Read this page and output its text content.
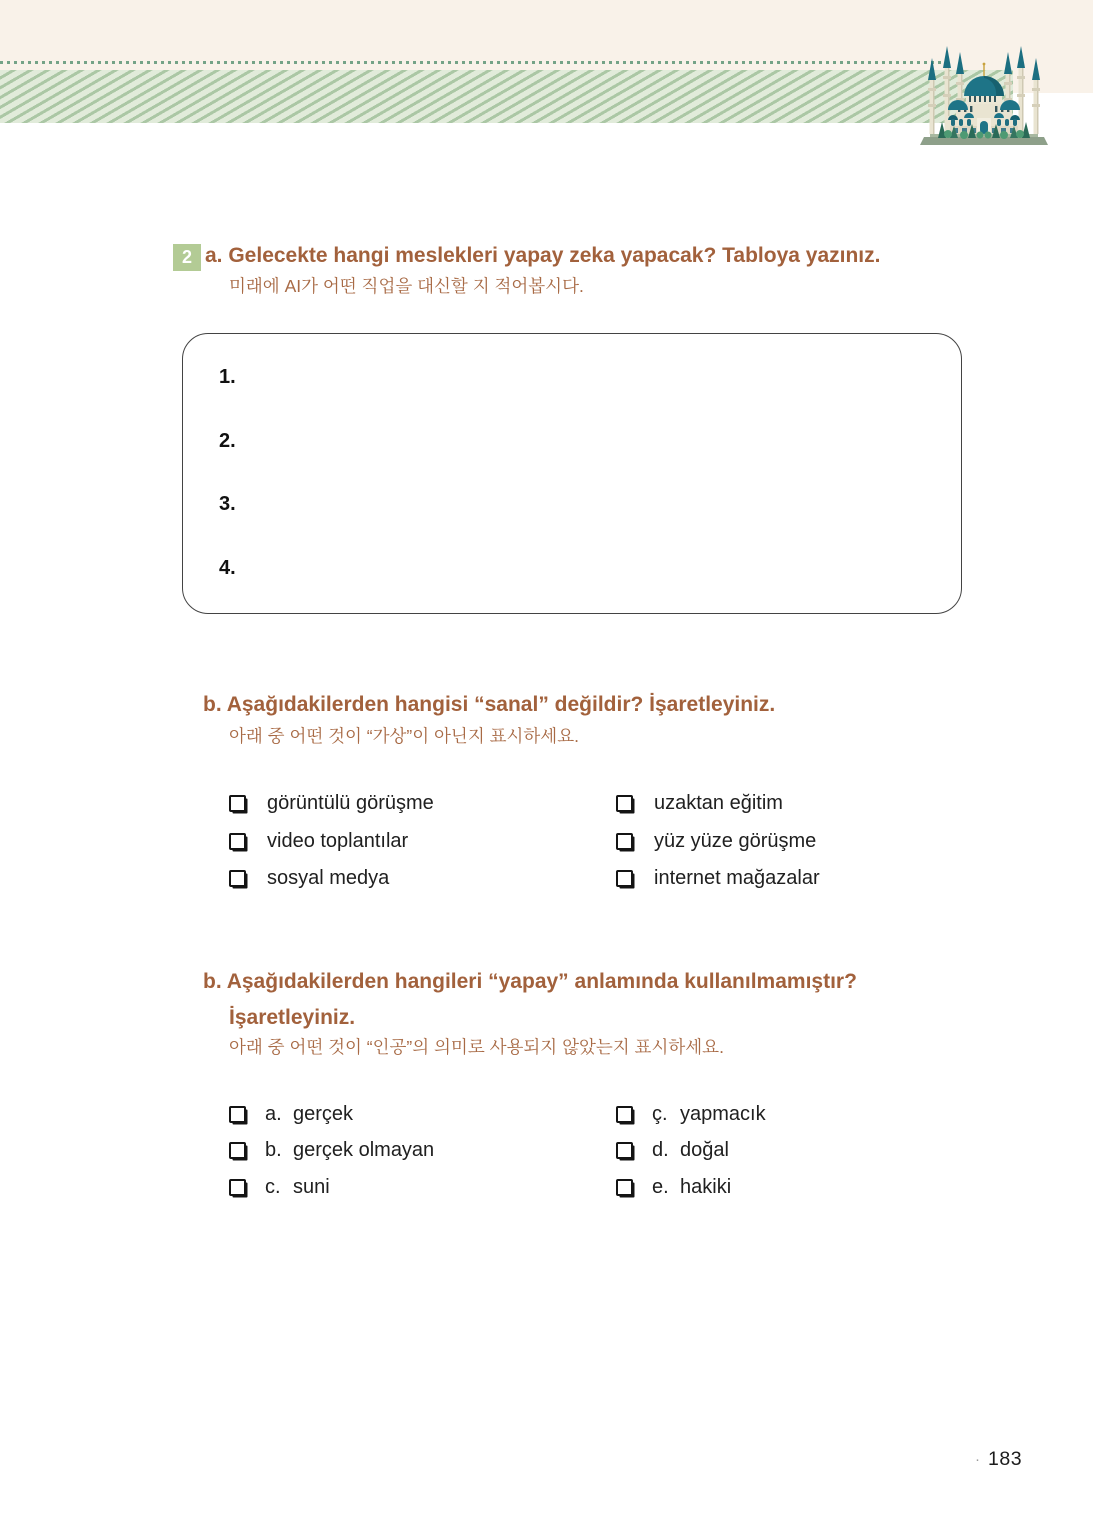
2 a. Gelecekte hangi meslekleri yapay zeka yapacak? Tabloya yazınız.
미래에 AI가 어떤 직업을 대신할 지 적어봅시다.
1.
2.
3.
4.
b. Aşağıdakilerden hangisi “sanal” değildir? İşaretleyiniz.
아래 중 어떤 것이 “가상”이 아닌지 표시하세요.
görüntülü görüşme
video toplantılar
sosyal medya
uzaktan eğitim
yüz yüze görüşme
internet mağazalar
b. Aşağıdakilerden hangileri “yapay” anlamında kullanılmamıştır?
İşaretleyiniz.
아래 중 어떤 것이 “인공”의 의미로 사용되지 않았는지 표시하세요.
a. gerçek
b. gerçek olmayan
c. suni
ç. yapmacık
d. doğal
e. hakiki
· 183
